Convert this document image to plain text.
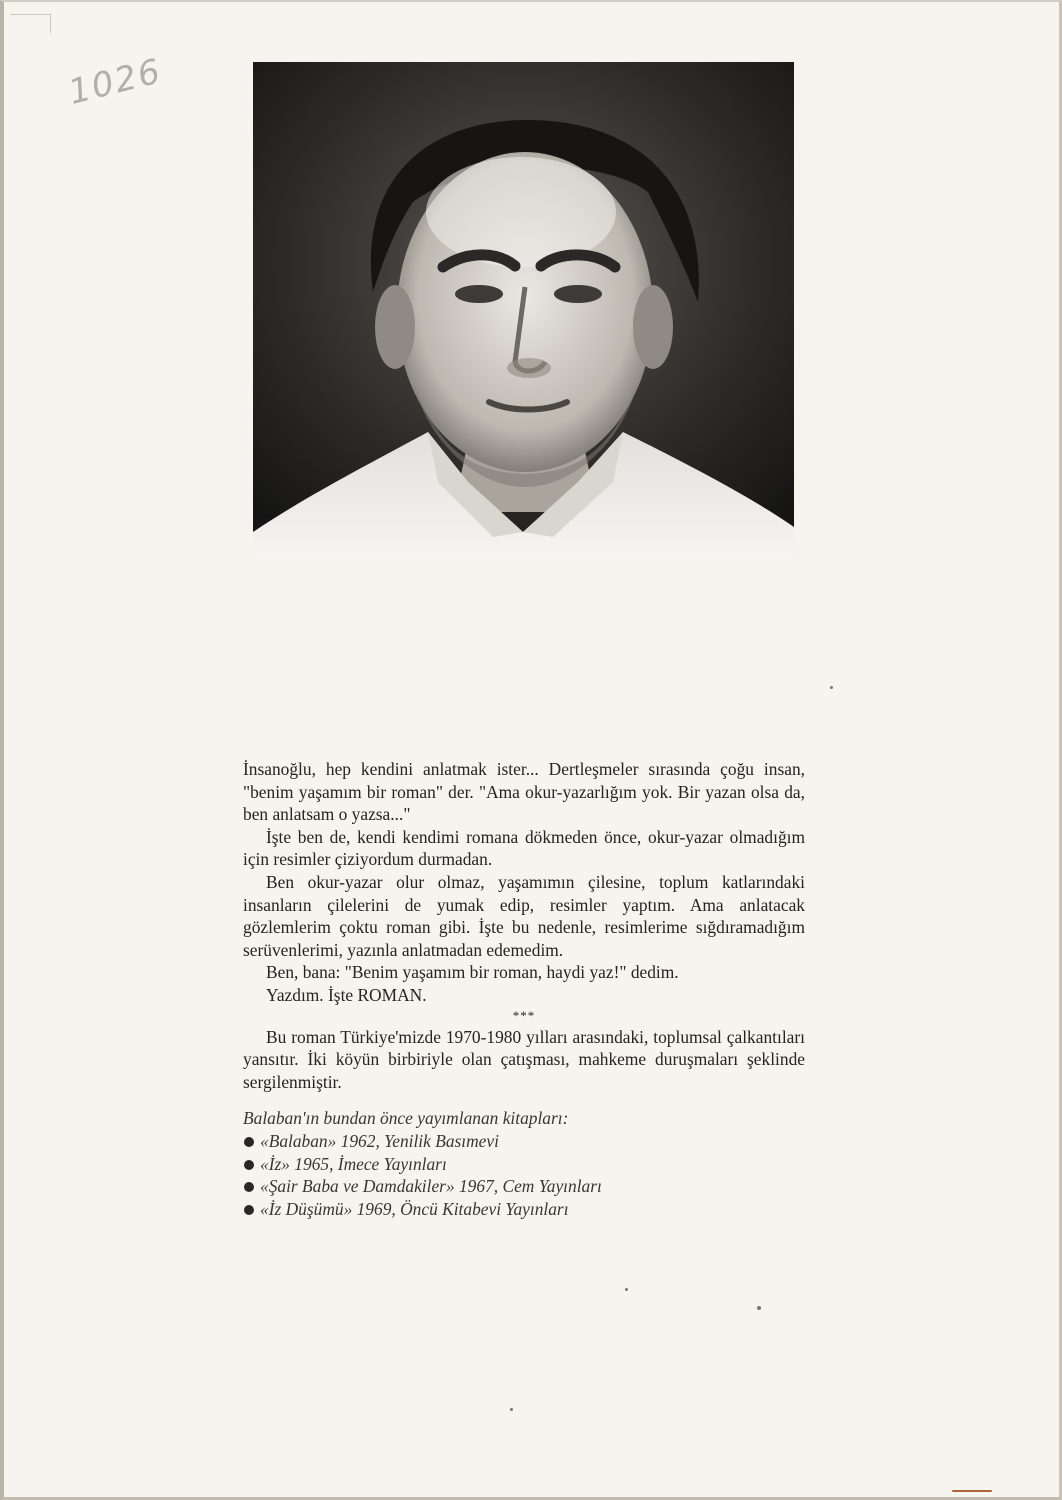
1026

İnsanoğlu, hep kendini anlatmak ister... Dertleşmeler sırasında çoğu insan, "benim yaşamım bir roman" der. "Ama okur-yazarlığım yok. Bir yazan olsa da, ben anlatsam o yazsa..."

İşte ben de, kendi kendimi romana dökmeden önce, okur-yazar olmadığım için resimler çiziyordum durmadan.

Ben okur-yazar olur olmaz, yaşamımın çilesine, toplum katlarındaki insanların çilelerini de yumak edip, resimler yaptım. Ama anlatacak gözlemlerim çoktu roman gibi. İşte bu nedenle, resimlerime sığdıramadığım serüvenlerimi, yazınla anlatmadan edemedim.

Ben, bana: "Benim yaşamım bir roman, haydi yaz!" dedim.

Yazdım. İşte ROMAN.

***

Bu roman Türkiye'mizde 1970-1980 yılları arasındaki, toplumsal çalkantıları yansıtır. İki köyün birbiriyle olan çatışması, mahkeme duruşmaları şeklinde sergilenmiştir.

Balaban'ın bundan önce yayımlanan kitapları:

«Balaban» 1962, Yenilik Basımevi
«İz» 1965, İmece Yayınları
«Şair Baba ve Damdakiler» 1967, Cem Yayınları
«İz Düşümü» 1969, Öncü Kitabevi Yayınları
